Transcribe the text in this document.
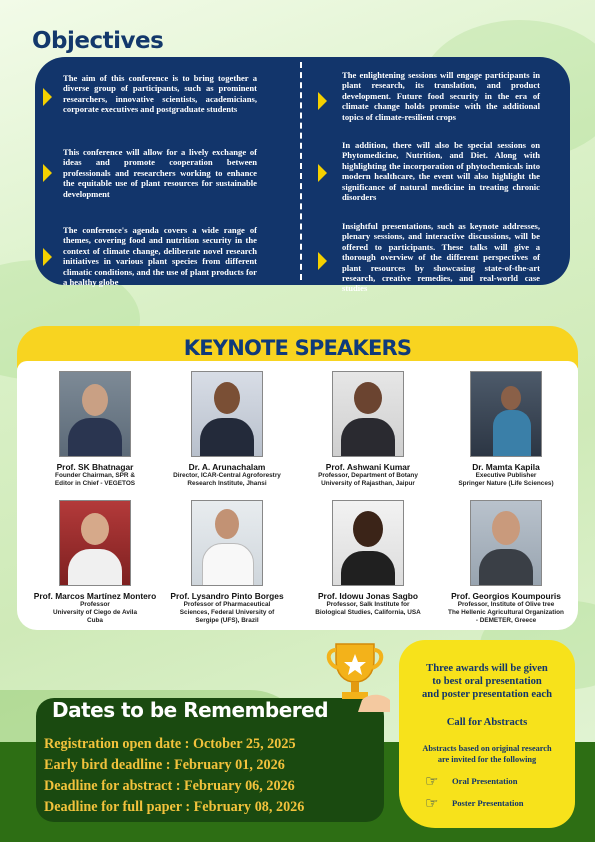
Objectives
The aim of this conference is to bring together a diverse group of participants, such as prominent researchers, innovative scientists, academicians, corporate executives and postgraduate students
This conference will allow for a lively exchange of ideas and promote cooperation between professionals and researchers working to enhance the equitable use of plant resources for sustainable development
The conference's agenda covers a wide range of themes, covering food and nutrition security in the context of climate change, deliberate novel research initiatives in various plant species from different climatic conditions, and the use of plant products for a healthy globe
The enlightening sessions will engage participants in plant research, its translation, and product development. Future food security in the era of climate change holds promise with the additional topics of climate-resilient crops
In addition, there will also be special sessions on Phytomedicine, Nutrition, and Diet. Along with highlighting the incorporation of phytochemicals into modern healthcare, the event will also highlight the significance of natural medicine in treating chronic disorders
Insightful presentations, such as keynote addresses, plenary sessions, and interactive discussions, will be offered to participants. These talks will give a thorough overview of the different perspectives of plant resources by showcasing state-of-the-art research, creative remedies, and real-world case studies
KEYNOTE SPEAKERS
Prof. SK Bhatnagar
Founder Chairman, SPR &
Editor in Chief - VEGETOS
Dr. A. Arunachalam
Director, ICAR-Central Agroforestry
Research Institute, Jhansi
Prof. Ashwani Kumar
Professor, Department of Botany
University of Rajasthan, Jaipur
Dr. Mamta Kapila
Executive Publisher
Springer Nature (Life Sciences)
Prof. Marcos Martínez Montero
Professor
University of Ciego de Avila
Cuba
Prof. Lysandro Pinto Borges
Professor of Pharmaceutical
Sciences, Federal University of
Sergipe (UFS), Brazil
Prof. Idowu Jonas Sagbo
Professor, Salk Institute for
Biological Studies, California, USA
Prof. Georgios Koumpouris
Professor, Institute of Olive tree
The Hellenic Agricultural Organization
- DEMETER, Greece
Dates to be Remembered
Registration open date : October 25, 2025
Early bird deadline : February 01, 2026
Deadline for abstract : February 06, 2026
Deadline for full paper : February 08, 2026
Three awards will be given
to best oral presentation
and poster presentation each
Call for Abstracts
Abstracts based on original research
are invited for the following
☞ Oral Presentation
☞ Poster Presentation
